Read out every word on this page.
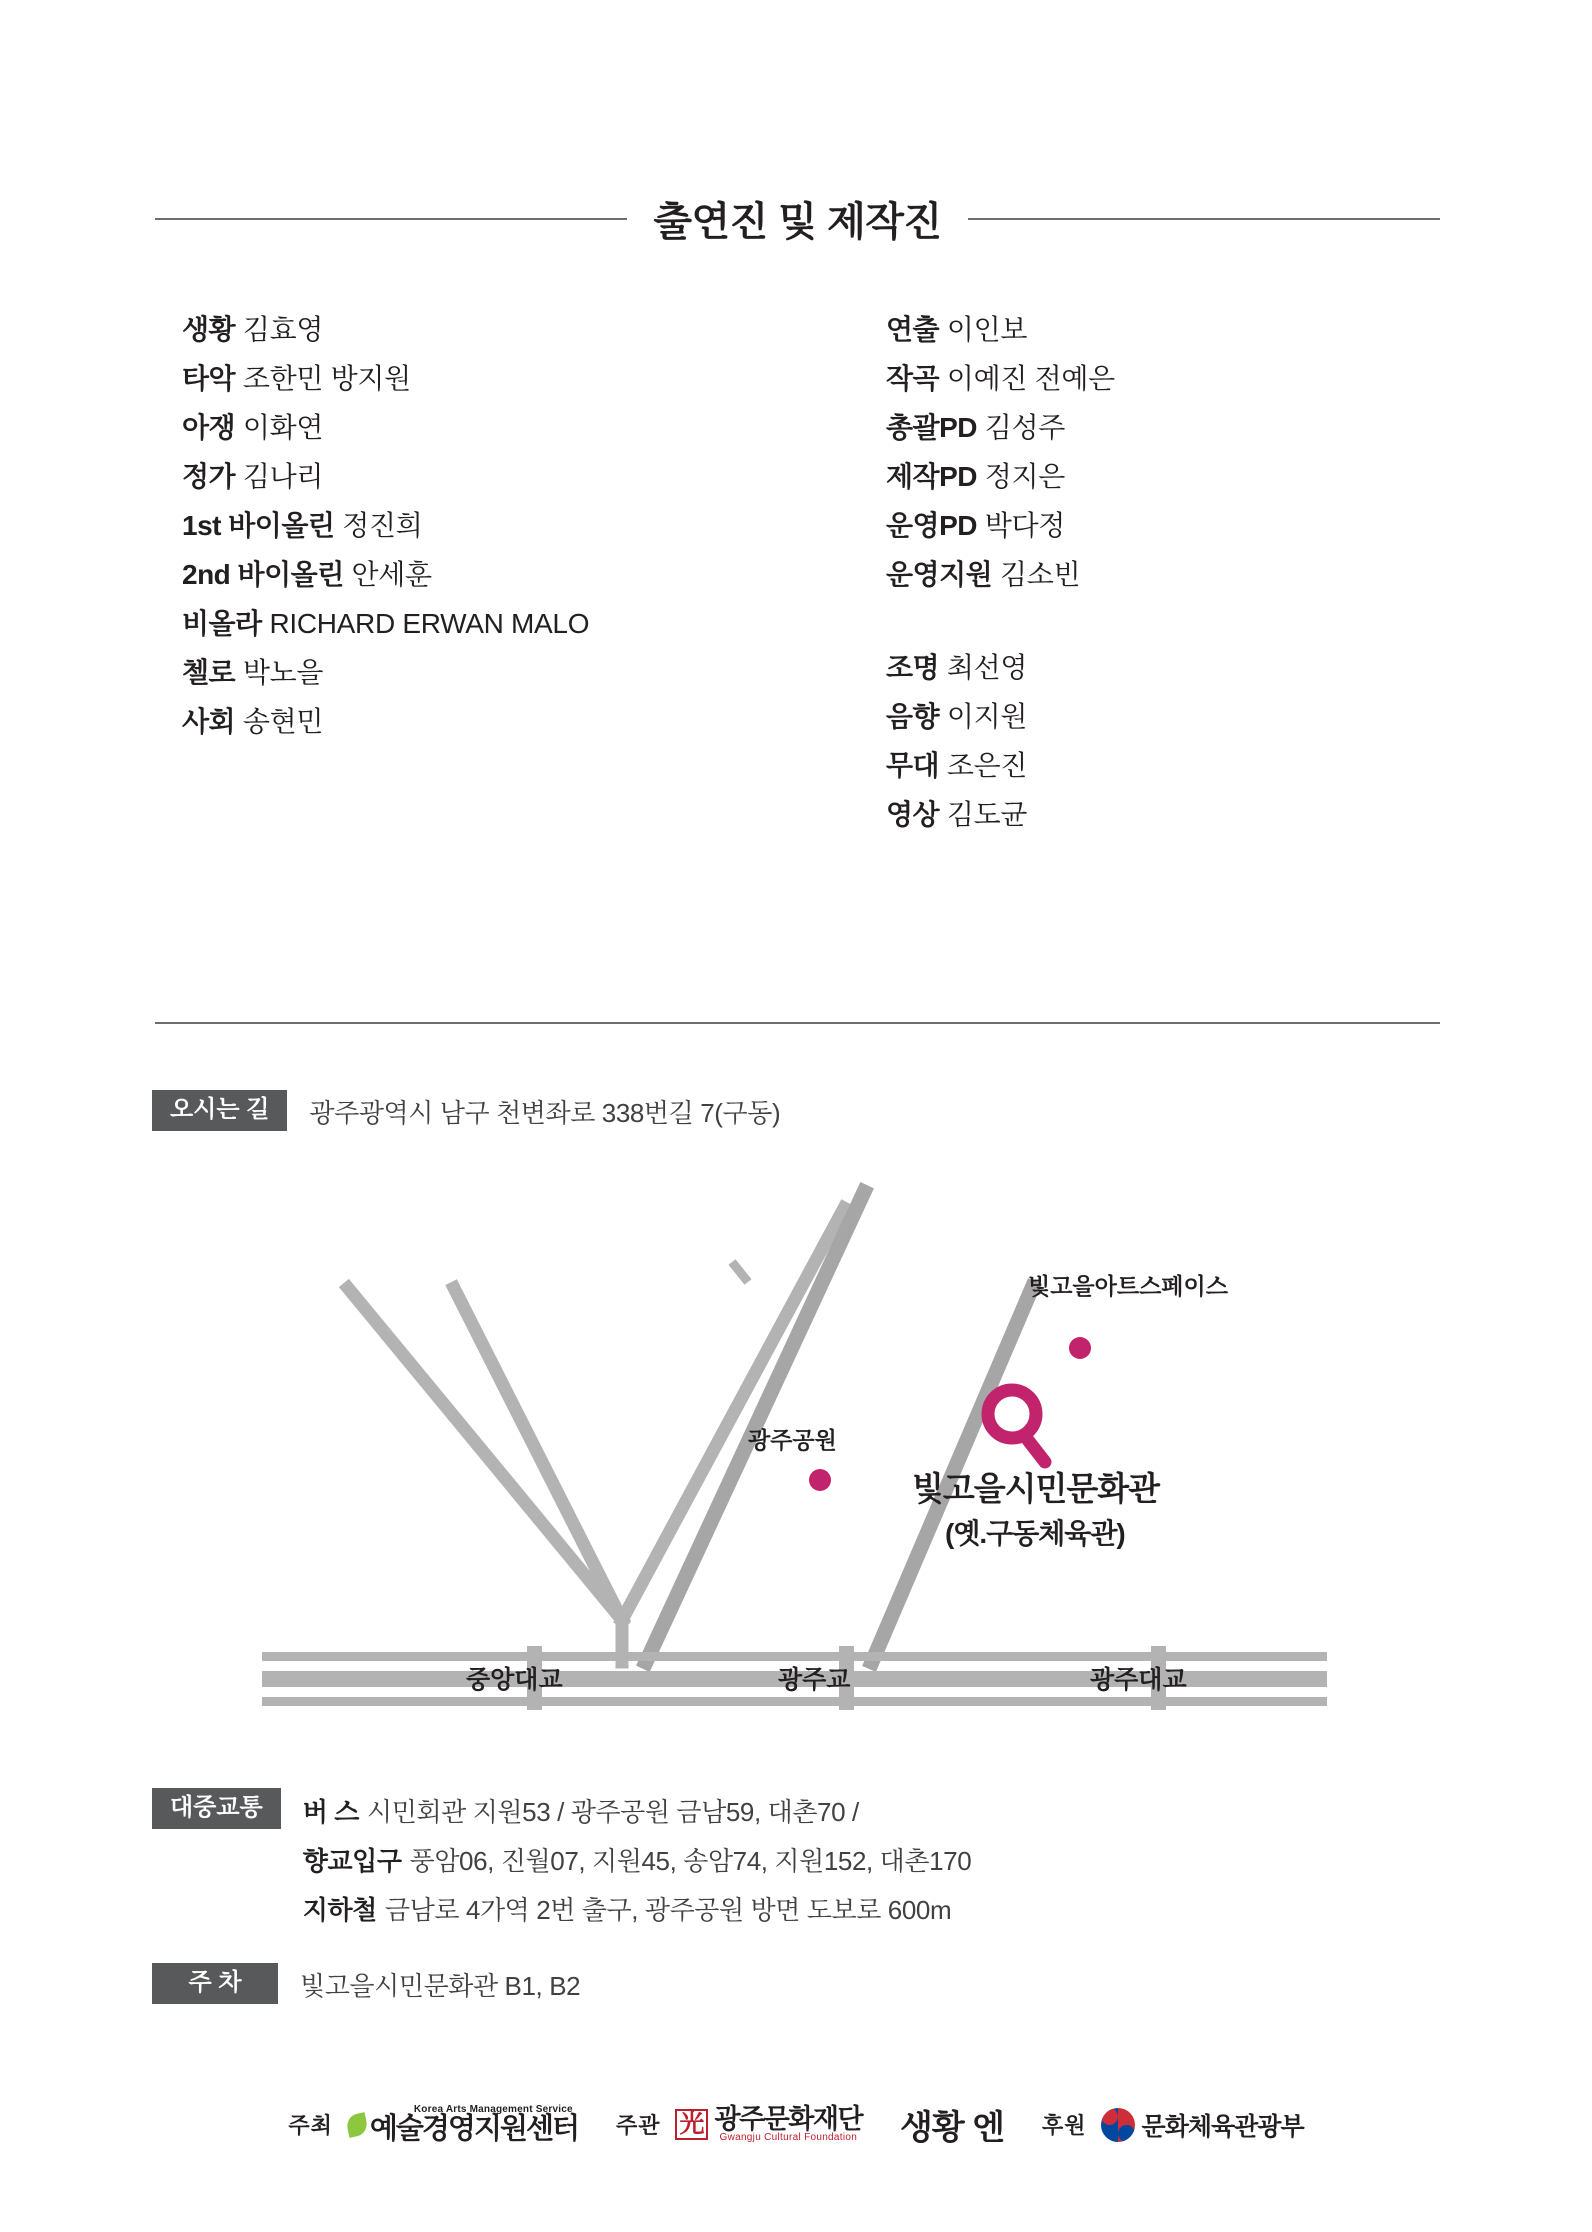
출연진 및 제작진
생황 김효영
타악 조한민 방지원
아쟁 이화연
정가 김나리
1st 바이올린 정진희
2nd 바이올린 안세훈
비올라 RICHARD ERWAN MALO
첼로 박노을
사회 송현민
연출 이인보
작곡 이예진 전예은
총괄PD 김성주
제작PD 정지은
운영PD 박다정
운영지원 김소빈
조명 최선영
음향 이지원
무대 조은진
영상 김도균
오시는 길	광주광역시 남구 천변좌로 338번길 7(구동)
빛고을아트스페이스
광주공원
빛고을시민문화관
(옛.구동체육관)
중앙대교	광주교	광주대교
대중교통	버 스 시민회관 지원53 / 광주공원 금남59, 대촌70 /
향교입구 풍암06, 진월07, 지원45, 송암74, 지원152, 대촌170
지하철 금남로 4가역 2번 출구, 광주공원 방면 도보로 600m
주 차	빛고을시민문화관 B1, B2
주최
Korea Arts Management Service
예술경영지원센터 주관 光 광주문화재단
Gwangju Cultural Foundation 생황 엔 후원 문화체육관광부
